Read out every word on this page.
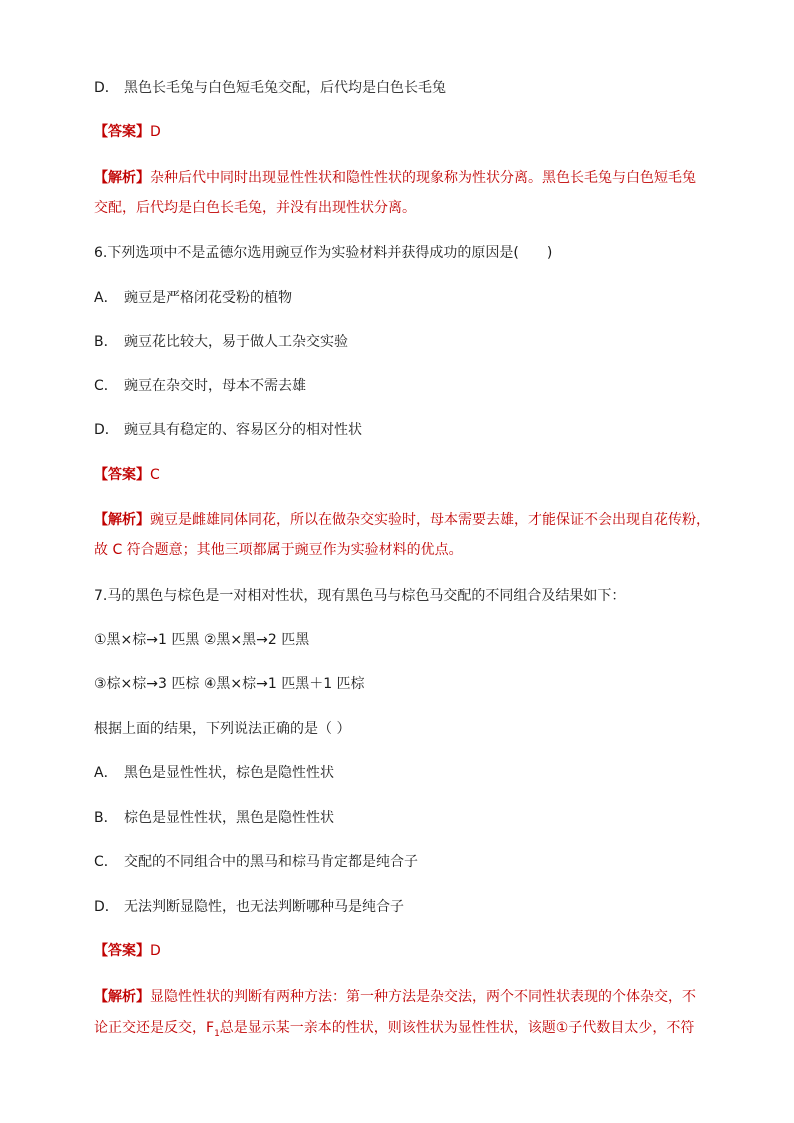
D． 黑色长毛兔与白色短毛兔交配，后代均是白色长毛兔
【答案】D
【解析】杂种后代中同时出现显性性状和隐性性状的现象称为性状分离。黑色长毛兔与白色短毛兔
交配，后代均是白色长毛兔，并没有出现性状分离。
6.下列选项中不是孟德尔选用豌豆作为实验材料并获得成功的原因是(　　)
A． 豌豆是严格闭花受粉的植物
B． 豌豆花比较大，易于做人工杂交实验
C． 豌豆在杂交时，母本不需去雄
D． 豌豆具有稳定的、容易区分的相对性状
【答案】C
【解析】豌豆是雌雄同体同花，所以在做杂交实验时，母本需要去雄，才能保证不会出现自花传粉，
故 C 符合题意；其他三项都属于豌豆作为实验材料的优点。
7.马的黑色与棕色是一对相对性状，现有黑色马与棕色马交配的不同组合及结果如下：
①黑×棕→1 匹黑 ②黑×黑→2 匹黑
③棕×棕→3 匹棕 ④黑×棕→1 匹黑＋1 匹棕
根据上面的结果，下列说法正确的是（ ）
A． 黑色是显性性状，棕色是隐性性状
B． 棕色是显性性状，黑色是隐性性状
C． 交配的不同组合中的黑马和棕马肯定都是纯合子
D． 无法判断显隐性，也无法判断哪种马是纯合子
【答案】D
【解析】显隐性性状的判断有两种方法：第一种方法是杂交法，两个不同性状表现的个体杂交，不
论正交还是反交，$F_1$总是显示某一亲本的性状，则该性状为显性性状，该题①子代数目太少，不符
